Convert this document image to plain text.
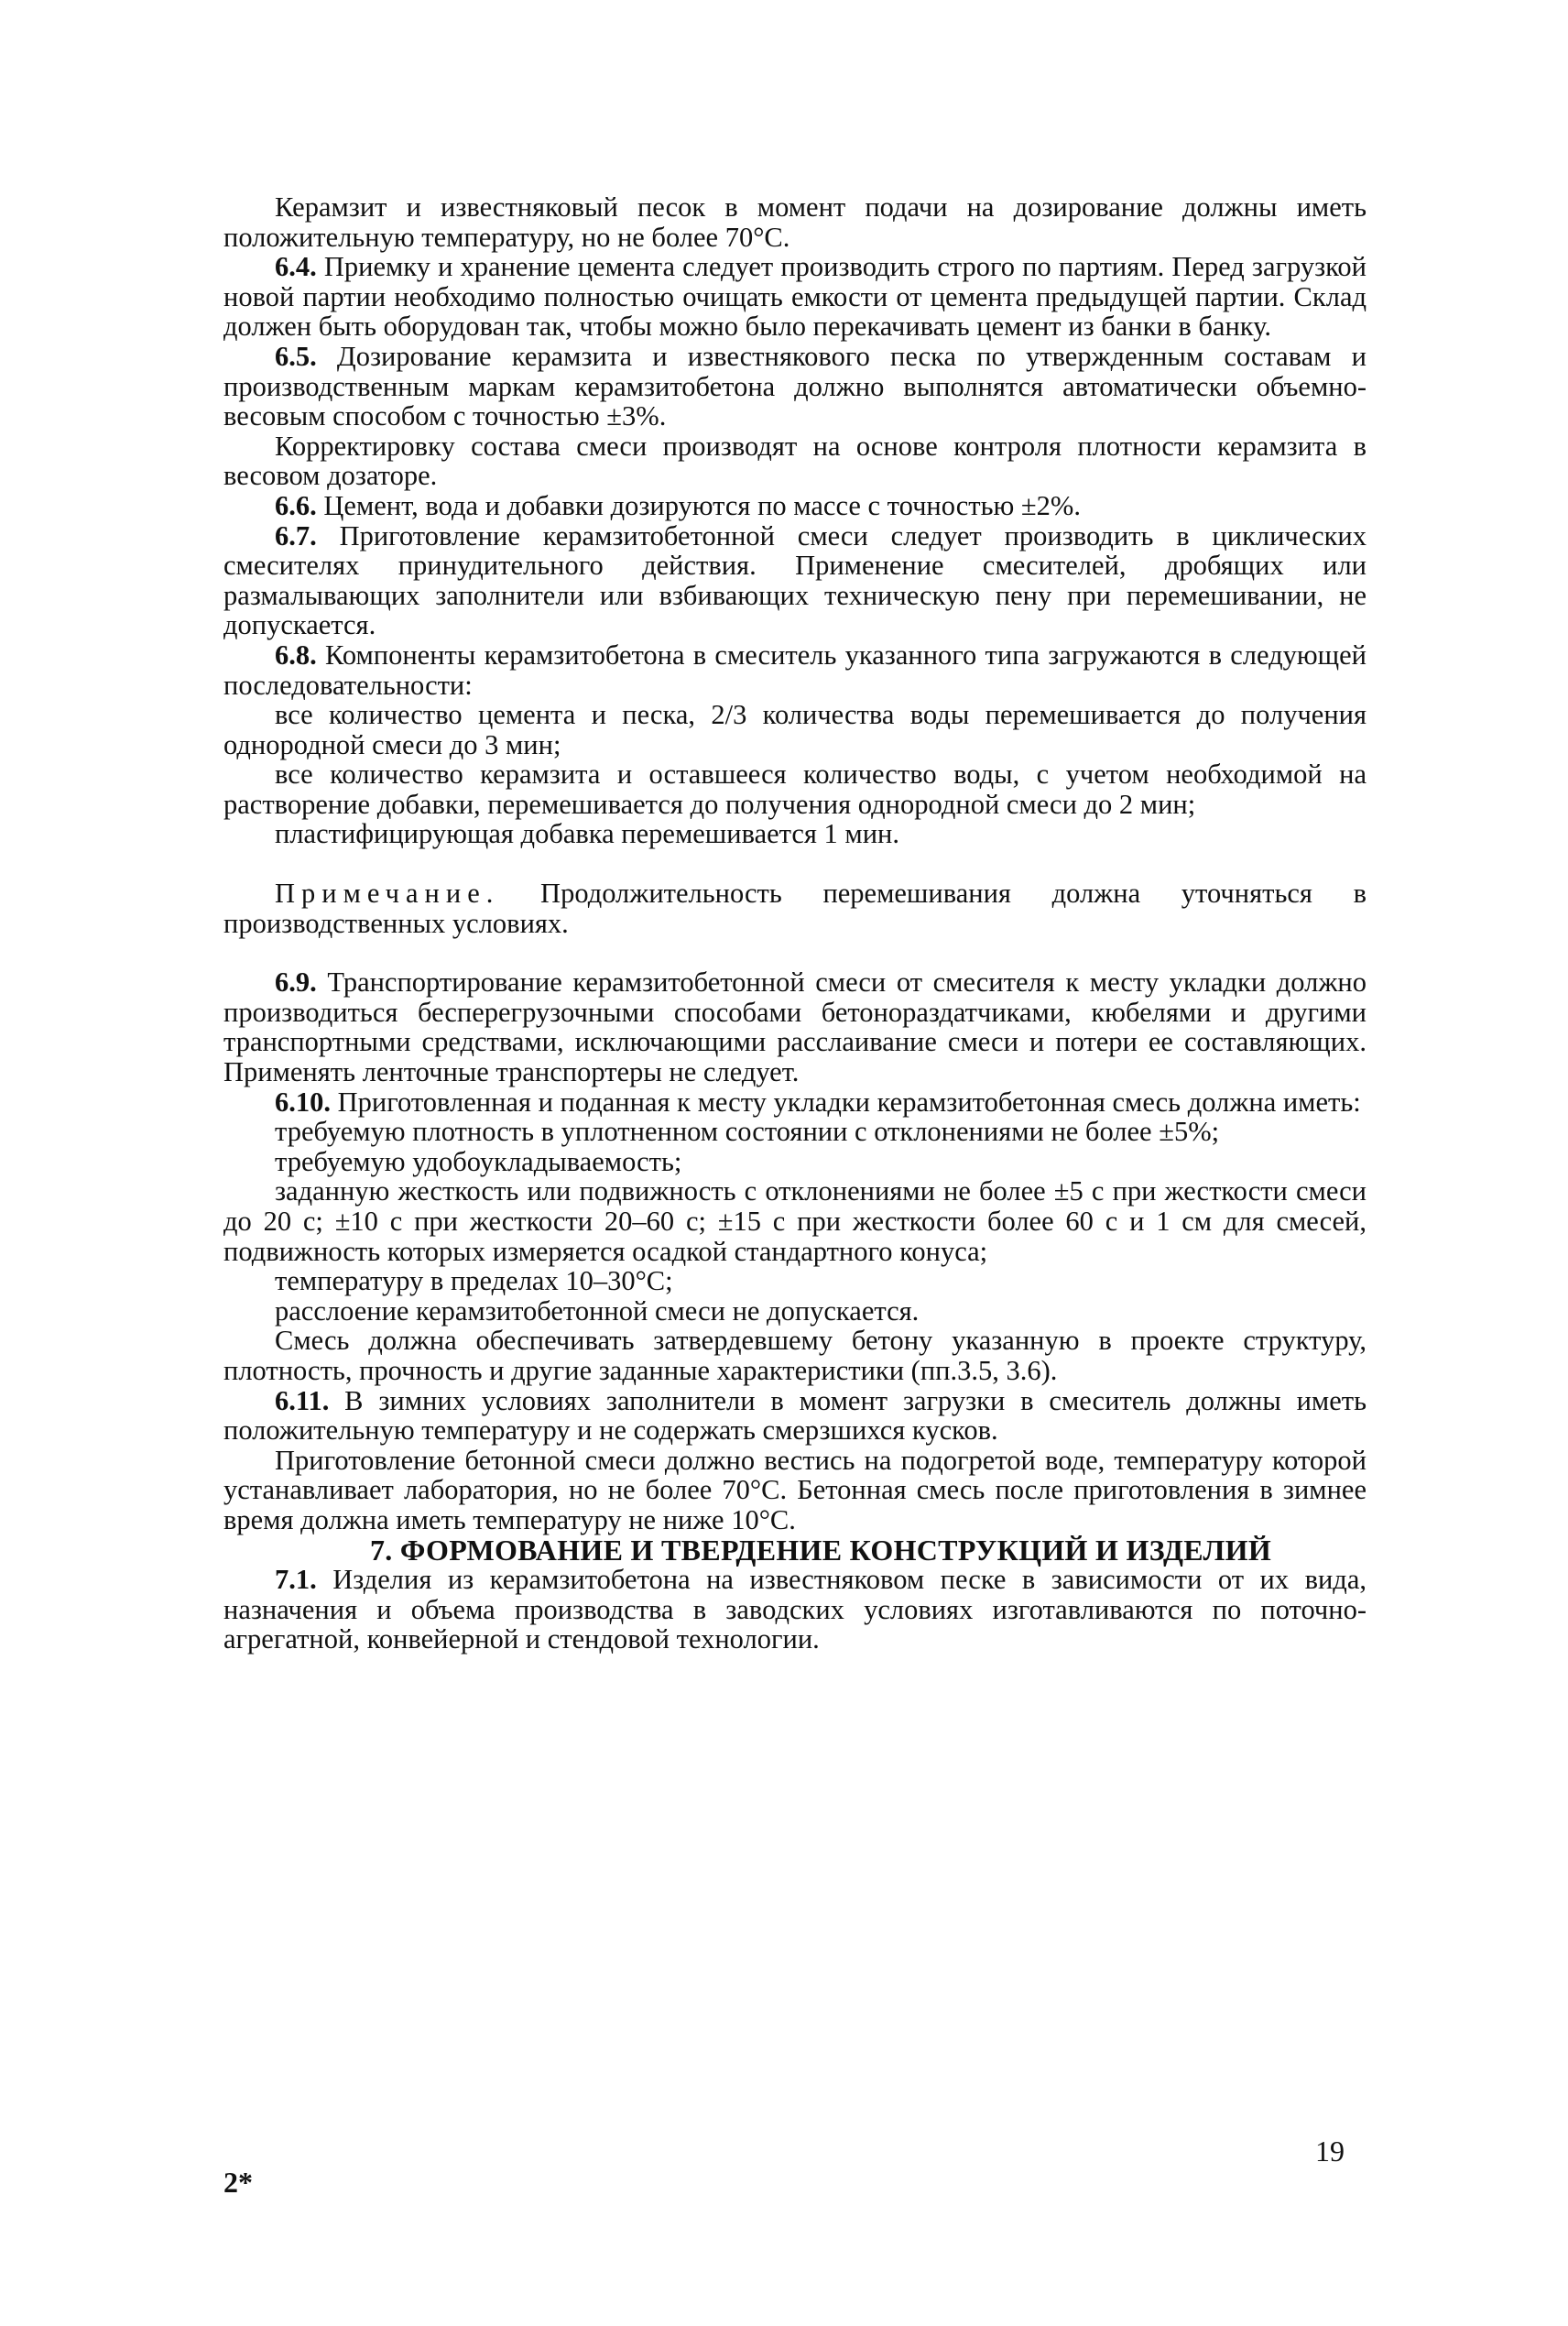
Керамзит и известняковый песок в момент подачи на дозирование должны иметь положительную температуру, но не более 70°C.

6.4. Приемку и хранение цемента следует производить строго по партиям. Перед загрузкой новой партии необходимо полностью очищать емкости от цемента предыдущей партии. Склад должен быть оборудован так, чтобы можно было перекачивать цемент из банки в банку.

6.5. Дозирование керамзита и известнякового песка по утвержденным составам и производственным маркам керамзитобетона должно выполнятся автоматически объемно-весовым способом с точностью ±3%.

Корректировку состава смеси производят на основе контроля плотности керамзита в весовом дозаторе.

6.6. Цемент, вода и добавки дозируются по массе с точностью ±2%.

6.7. Приготовление керамзитобетонной смеси следует производить в циклических смесителях принудительного действия. Применение смесителей, дробящих или размалывающих заполнители или взбивающих техническую пену при перемешивании, не допускается.

6.8. Компоненты керамзитобетона в смеситель указанного типа загружаются в следующей последовательности:

все количество цемента и песка, 2/3 количества воды перемешивается до получения однородной смеси до 3 мин;

все количество керамзита и оставшееся количество воды, с учетом необходимой на растворение добавки, перемешивается до получения однородной смеси до 2 мин;

пластифицирующая добавка перемешивается 1 мин.

Примечание. Продолжительность перемешивания должна уточняться в производственных условиях.

6.9. Транспортирование керамзитобетонной смеси от смесителя к месту укладки должно производиться бесперегрузочными способами бетонораздатчиками, кюбелями и другими транспортными средствами, исключающими расслаивание смеси и потери ее составляющих. Применять ленточные транспортеры не следует.

6.10. Приготовленная и поданная к месту укладки керамзитобетонная смесь должна иметь:

требуемую плотность в уплотненном состоянии с отклонениями не более ±5%;

требуемую удобоукладываемость;

заданную жесткость или подвижность с отклонениями не более ±5 с при жесткости смеси до 20 с; ±10 с при жесткости 20–60 с; ±15 с при жесткости более 60 с и 1 см для смесей, подвижность которых измеряется осадкой стандартного конуса;

температуру в пределах 10–30°C;

расслоение керамзитобетонной смеси не допускается.

Смесь должна обеспечивать затвердевшему бетону указанную в проекте структуру, плотность, прочность и другие заданные характеристики (пп.3.5, 3.6).

6.11. В зимних условиях заполнители в момент загрузки в смеситель должны иметь положительную температуру и не содержать смерзшихся кусков.

Приготовление бетонной смеси должно вестись на подогретой воде, температуру которой устанавливает лаборатория, но не более 70°C. Бетонная смесь после приготовления в зимнее время должна иметь температуру не ниже 10°C.

7. ФОРМОВАНИЕ И ТВЕРДЕНИЕ КОНСТРУКЦИЙ И ИЗДЕЛИЙ

7.1. Изделия из керамзитобетона на известняковом песке в зависимости от их вида, назначения и объема производства в заводских условиях изготавливаются по поточно-агрегатной, конвейерной и стендовой технологии.

19
2*
